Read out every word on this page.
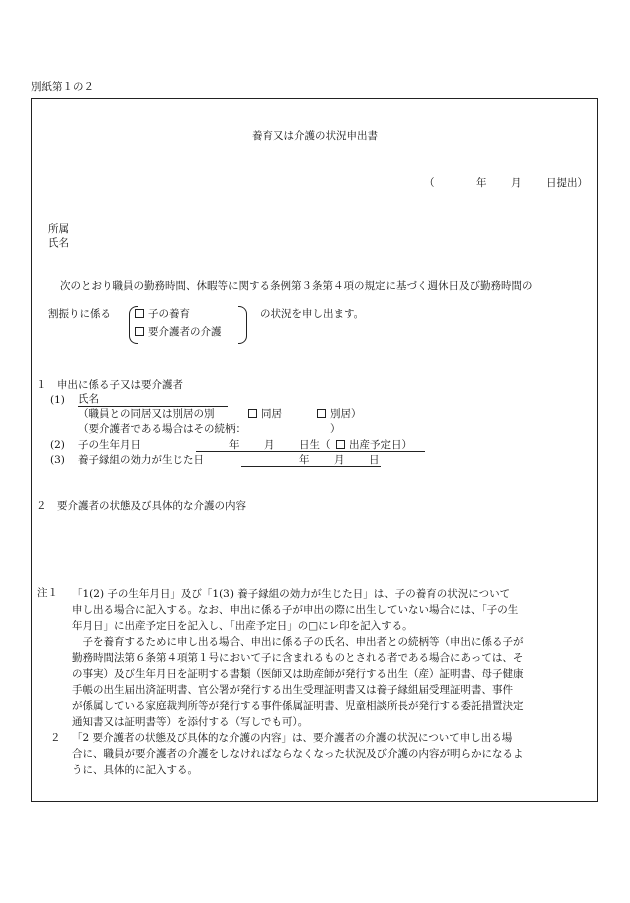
別紙第１の２
養育又は介護の状況申出書
（	年 月 日提出）
所属
氏名
次のとおり職員の勤務時間、休暇等に関する条例第３条第４項の規定に基づく週休日及び勤務時間の
割振りに係る	子の養育
要介護者の介護
の状況を申し出ます。
１　申出に係る子又は要介護者
(1) 氏名
（職員との同居又は別居の別	同居	別居）
（要介護者である場合はその続柄：	）
(2) 子の生年月日	年 月 日生（	出産予定日）
(3) 養子縁組の効力が生じた日	年 月 日
２　要介護者の状態及び具体的な介護の内容
注１ 「1(2) 子の生年月日」及び「1(3) 養子縁組の効力が生じた日」は、子の養育の状況について
申し出る場合に記入する。なお、申出に係る子が申出の際に出生していない場合には、「子の生
年月日」に出産予定日を記入し、「出産予定日」の□にレ印を記入する。
　子を養育するために申し出る場合、申出に係る子の氏名、申出者との続柄等（申出に係る子が
勤務時間法第６条第４項第１号において子に含まれるものとされる者である場合にあっては、そ
の事実）及び生年月日を証明する書類（医師又は助産師が発行する出生（産）証明書、母子健康
手帳の出生届出済証明書、官公署が発行する出生受理証明書又は養子縁組届受理証明書、事件
が係属している家庭裁判所等が発行する事件係属証明書、児童相談所長が発行する委託措置決定
通知書又は証明書等）を添付する（写しでも可）。
２ 「2 要介護者の状態及び具体的な介護の内容」は、要介護者の介護の状況について申し出る場
合に、職員が要介護者の介護をしなければならなくなった状況及び介護の内容が明らかになるよ
うに、具体的に記入する。
